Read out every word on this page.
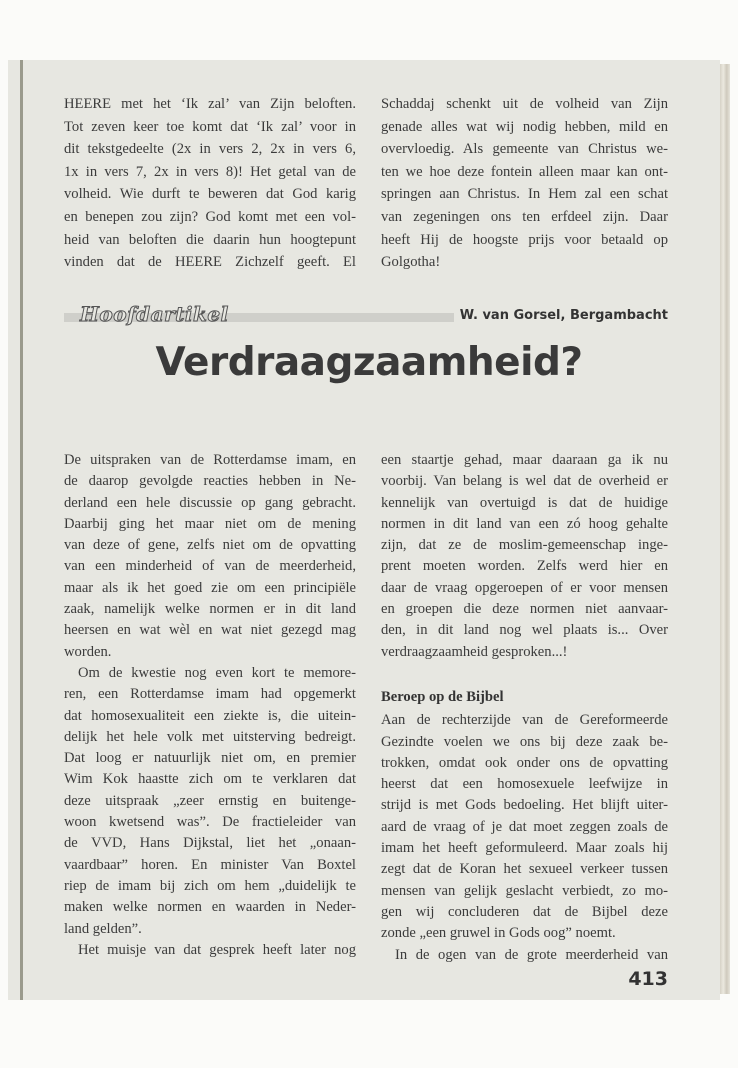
HEERE met het ‘Ik zal’ van Zijn beloften.
Tot zeven keer toe komt dat ‘Ik zal’ voor in
dit tekstgedeelte (2x in vers 2, 2x in vers 6,
1x in vers 7, 2x in vers 8)! Het getal van de
volheid. Wie durft te beweren dat God karig
en benepen zou zijn? God komt met een vol-
heid van beloften die daarin hun hoogtepunt
vinden dat de HEERE Zichzelf geeft. El
Schaddaj schenkt uit de volheid van Zijn
genade alles wat wij nodig hebben, mild en
overvloedig. Als gemeente van Christus we-
ten we hoe deze fontein alleen maar kan ont-
springen aan Christus. In Hem zal een schat
van zegeningen ons ten erfdeel zijn. Daar
heeft Hij de hoogste prijs voor betaald op
Golgotha!
Hoofdartikel	W. van Gorsel, Bergambacht
Verdraagzaamheid?
De uitspraken van de Rotterdamse imam, en
de daarop gevolgde reacties hebben in Ne-
derland een hele discussie op gang gebracht.
Daarbij ging het maar niet om de mening
van deze of gene, zelfs niet om de opvatting
van een minderheid of van de meerderheid,
maar als ik het goed zie om een principiële
zaak, namelijk welke normen er in dit land
heersen en wat wèl en wat niet gezegd mag
worden.
Om de kwestie nog even kort te memore-
ren, een Rotterdamse imam had opgemerkt
dat homosexualiteit een ziekte is, die uitein-
delijk het hele volk met uitsterving bedreigt.
Dat loog er natuurlijk niet om, en premier
Wim Kok haastte zich om te verklaren dat
deze uitspraak „zeer ernstig en buitenge-
woon kwetsend was”. De fractieleider van
de VVD, Hans Dijkstal, liet het „onaan-
vaardbaar” horen. En minister Van Boxtel
riep de imam bij zich om hem „duidelijk te
maken welke normen en waarden in Neder-
land gelden”.
Het muisje van dat gesprek heeft later nog
een staartje gehad, maar daaraan ga ik nu
voorbij. Van belang is wel dat de overheid er
kennelijk van overtuigd is dat de huidige
normen in dit land van een zó hoog gehalte
zijn, dat ze de moslim-gemeenschap inge-
prent moeten worden. Zelfs werd hier en
daar de vraag opgeroepen of er voor mensen
en groepen die deze normen niet aanvaar-
den, in dit land nog wel plaats is... Over
verdraagzaamheid gesproken...!
Beroep op de Bijbel
Aan de rechterzijde van de Gereformeerde
Gezindte voelen we ons bij deze zaak be-
trokken, omdat ook onder ons de opvatting
heerst dat een homosexuele leefwijze in
strijd is met Gods bedoeling. Het blijft uiter-
aard de vraag of je dat moet zeggen zoals de
imam het heeft geformuleerd. Maar zoals hij
zegt dat de Koran het sexueel verkeer tussen
mensen van gelijk geslacht verbiedt, zo mo-
gen wij concluderen dat de Bijbel deze
zonde „een gruwel in Gods oog” noemt.
In de ogen van de grote meerderheid van
413
